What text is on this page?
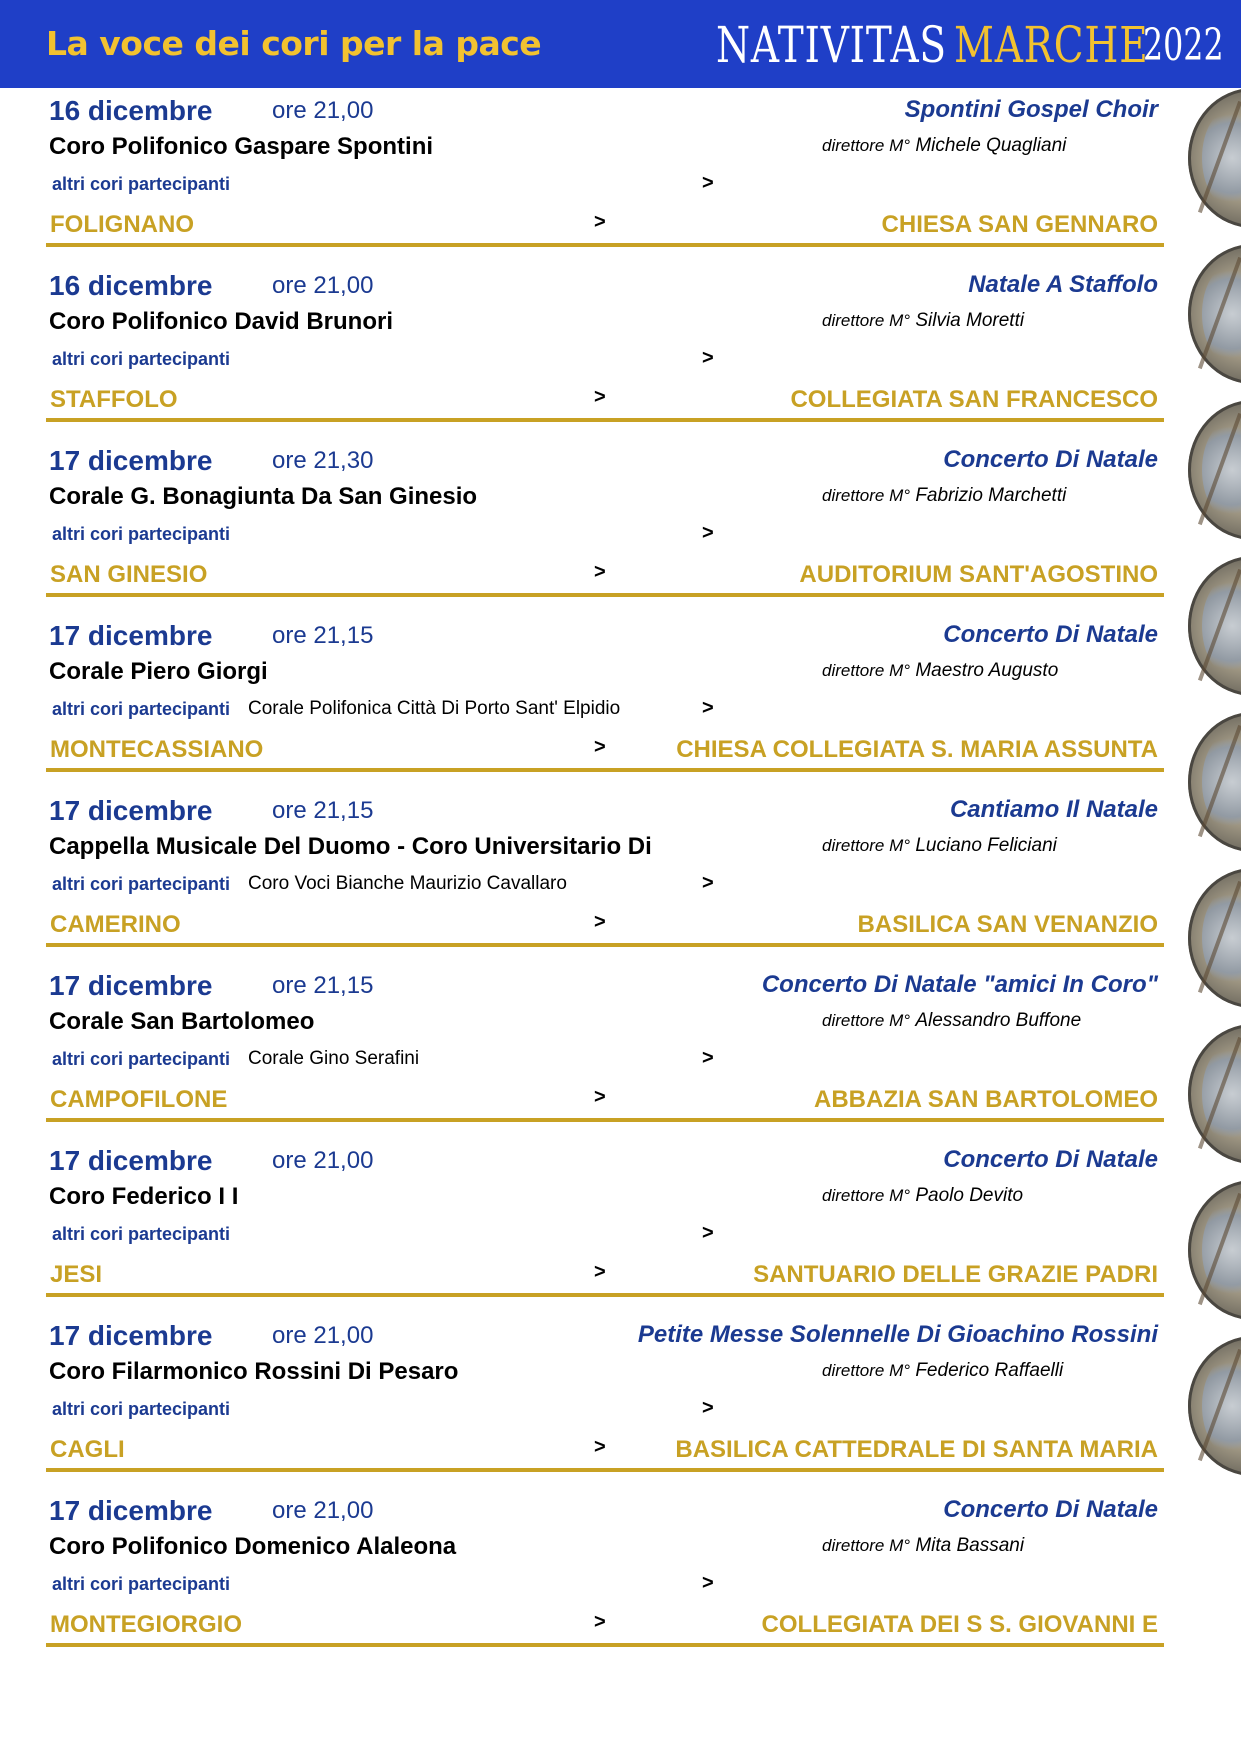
La voce dei cori per la pace	NATIVITAS MARCHE
2022
16 dicembre ore 21,00	Spontini Gospel Choir
Coro Polifonico Gaspare Spontini	direttore M° Michele Quagliani
altri cori partecipanti	>
FOLIGNANO	>	CHIESA SAN GENNARO
16 dicembre ore 21,00	Natale A Staffolo
Coro Polifonico David Brunori	direttore M° Silvia Moretti
altri cori partecipanti	>
STAFFOLO	>	COLLEGIATA SAN FRANCESCO
17 dicembre ore 21,30	Concerto Di Natale
Corale G. Bonagiunta Da San Ginesio	direttore M° Fabrizio Marchetti
altri cori partecipanti	>
SAN GINESIO	>	AUDITORIUM SANT'AGOSTINO
17 dicembre ore 21,15	Concerto Di Natale
Corale Piero Giorgi	direttore M° Maestro Augusto
altri cori partecipanti Corale Polifonica Città Di Porto Sant' Elpidio	>
MONTECASSIANO	>	CHIESA COLLEGIATA S. MARIA ASSUNTA
17 dicembre ore 21,15	Cantiamo Il Natale
Cappella Musicale Del Duomo - Coro Universitario Di	direttore M° Luciano Feliciani
altri cori partecipanti Coro Voci Bianche Maurizio Cavallaro	>
CAMERINO	>	BASILICA SAN VENANZIO
17 dicembre ore 21,15	Concerto Di Natale "amici In Coro"
Corale San Bartolomeo	direttore M° Alessandro Buffone
altri cori partecipanti Corale Gino Serafini	>
CAMPOFILONE	>	ABBAZIA SAN BARTOLOMEO
17 dicembre ore 21,00	Concerto Di Natale
Coro Federico I I	direttore M° Paolo Devito
altri cori partecipanti	>
JESI	>	SANTUARIO DELLE GRAZIE PADRI
17 dicembre ore 21,00	Petite Messe Solennelle Di Gioachino Rossini
Coro Filarmonico Rossini Di Pesaro	direttore M° Federico Raffaelli
altri cori partecipanti	>
CAGLI	>	BASILICA CATTEDRALE DI SANTA MARIA
17 dicembre ore 21,00	Concerto Di Natale
Coro Polifonico Domenico Alaleona	direttore M° Mita Bassani
altri cori partecipanti	>
MONTEGIORGIO	>	COLLEGIATA DEI S S. GIOVANNI E
